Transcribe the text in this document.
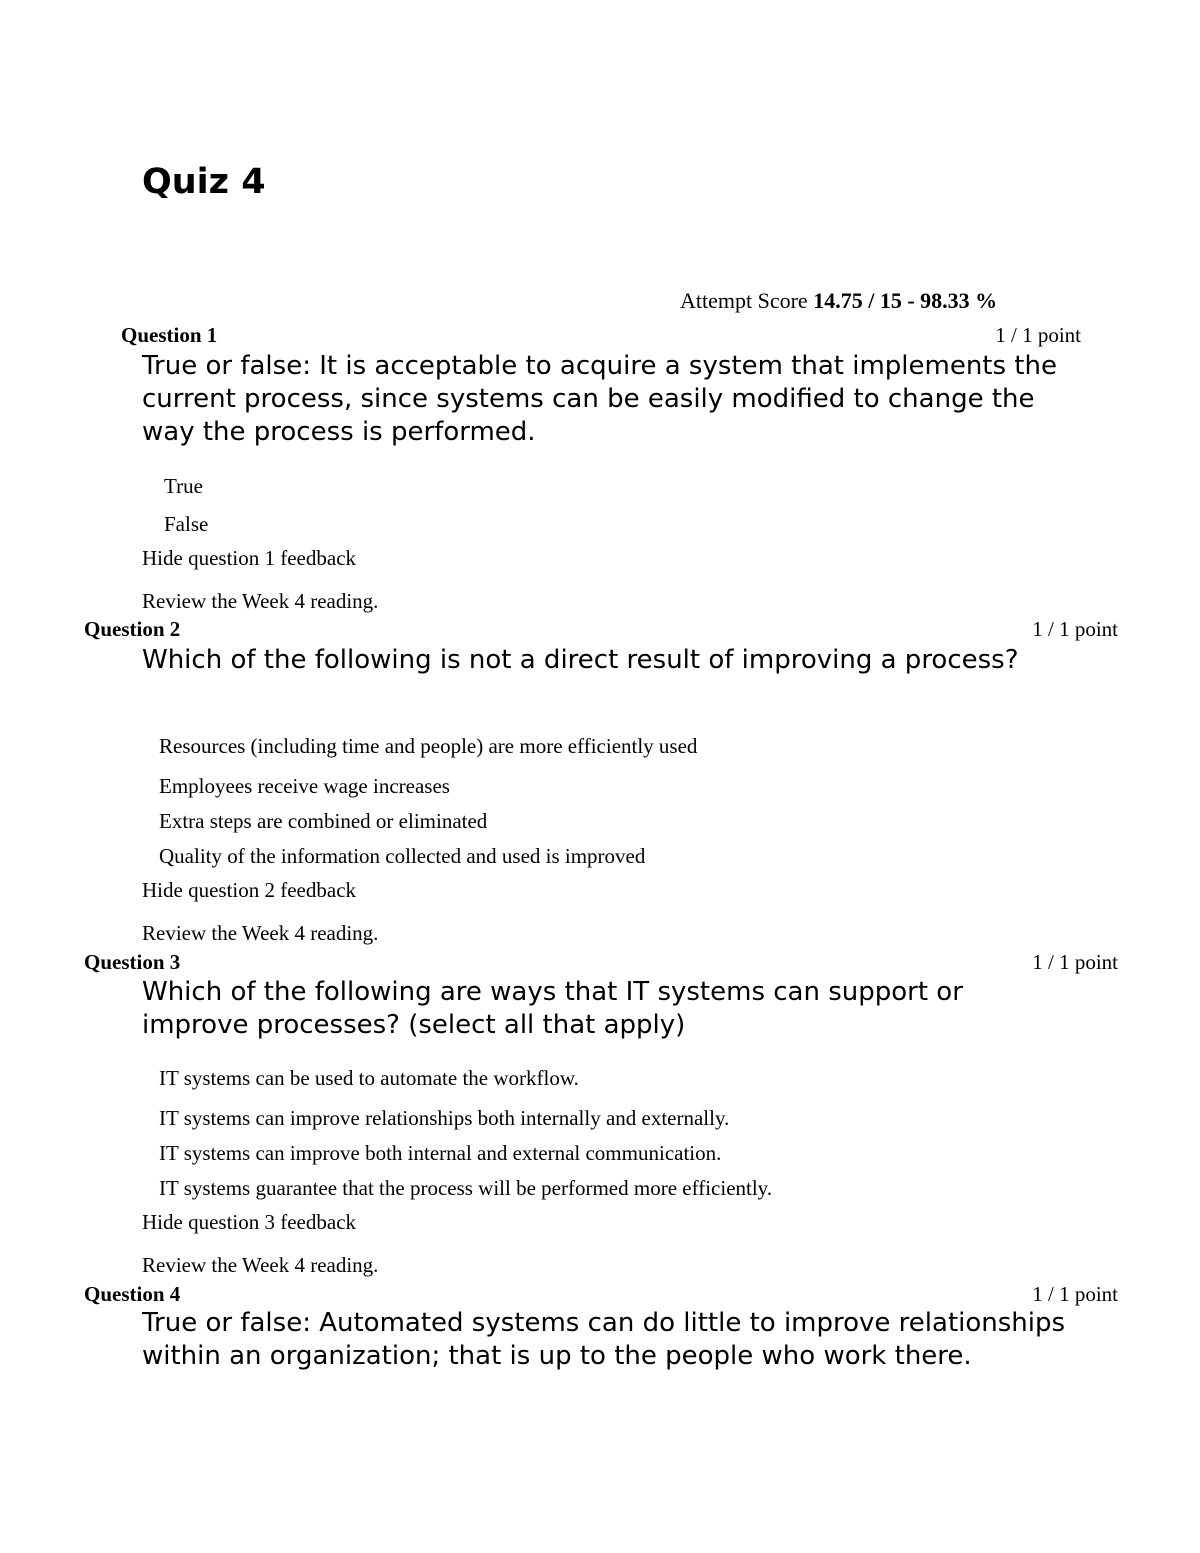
Quiz 4
Attempt Score 14.75 / 15 - 98.33 %
Question 1	1 / 1 point
True or false: It is acceptable to acquire a system that implements the current process, since systems can be easily modified to change the way the process is performed.
True
False
Hide question 1 feedback
Review the Week 4 reading.
Question 2	1 / 1 point
Which of the following is not a direct result of improving a process?
Resources (including time and people) are more efficiently used
Employees receive wage increases
Extra steps are combined or eliminated
Quality of the information collected and used is improved
Hide question 2 feedback
Review the Week 4 reading.
Question 3	1 / 1 point
Which of the following are ways that IT systems can support or improve processes? (select all that apply)
IT systems can be used to automate the workflow.
IT systems can improve relationships both internally and externally.
IT systems can improve both internal and external communication.
IT systems guarantee that the process will be performed more efficiently.
Hide question 3 feedback
Review the Week 4 reading.
Question 4	1 / 1 point
True or false: Automated systems can do little to improve relationships within an organization; that is up to the people who work there.
